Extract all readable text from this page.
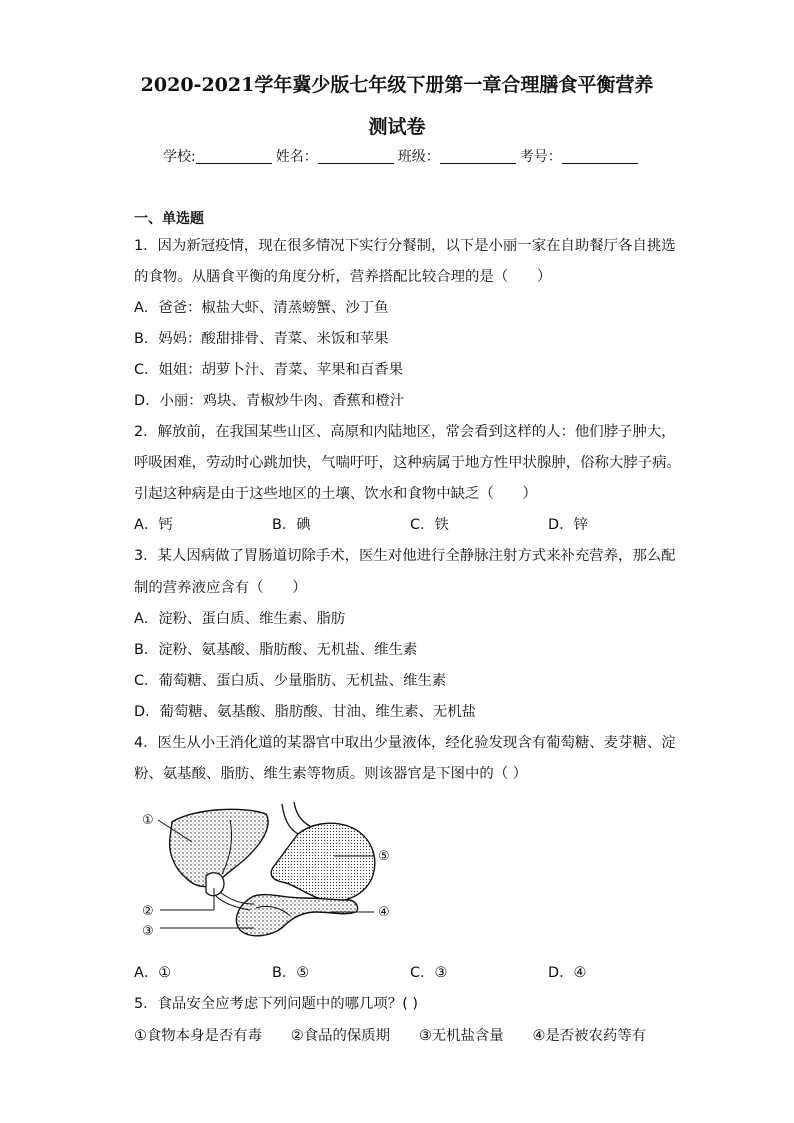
2020-2021学年冀少版七年级下册第一章合理膳食平衡营养
测试卷
学校:	姓名：	班级：	考号：
一、单选题
1．因为新冠疫情，现在很多情况下实行分餐制，以下是小丽一家在自助餐厅各自挑选
的食物。从膳食平衡的角度分析，营养搭配比较合理的是（　　）
A．爸爸：椒盐大虾、清蒸螃蟹、沙丁鱼
B．妈妈：酸甜排骨、青菜、米饭和苹果
C．姐姐：胡萝卜汁、青菜、苹果和百香果
D．小丽：鸡块、青椒炒牛肉、香蕉和橙汁
2．解放前，在我国某些山区、高原和内陆地区，常会看到这样的人：他们脖子肿大，
呼吸困难，劳动时心跳加快，气喘吁吁，这种病属于地方性甲状腺肿，俗称大脖子病。
引起这种病是由于这些地区的土壤、饮水和食物中缺乏（　　）
A．钙	B．碘	C．铁	D．锌
3．某人因病做了胃肠道切除手术，医生对他进行全静脉注射方式来补充营养，那么配
制的营养液应含有（　　）
A．淀粉、蛋白质、维生素、脂肪
B．淀粉、氨基酸、脂肪酸、无机盐、维生素
C．葡萄糖、蛋白质、少量脂肪、无机盐、维生素
D．葡萄糖、氨基酸、脂肪酸、甘油、维生素、无机盐
4．医生从小王消化道的某器官中取出少量液体，经化验发现含有葡萄糖、麦芽糖、淀
粉、氨基酸、脂肪、维生素等物质。则该器官是下图中的（ ）
①
②
③
④
⑤
A．①	B．⑤	C．③	D．④
5．食品安全应考虑下列问题中的哪几项？( )
①食物本身是否有毒　　②食品的保质期　　③无机盐含量　　④是否被农药等有
